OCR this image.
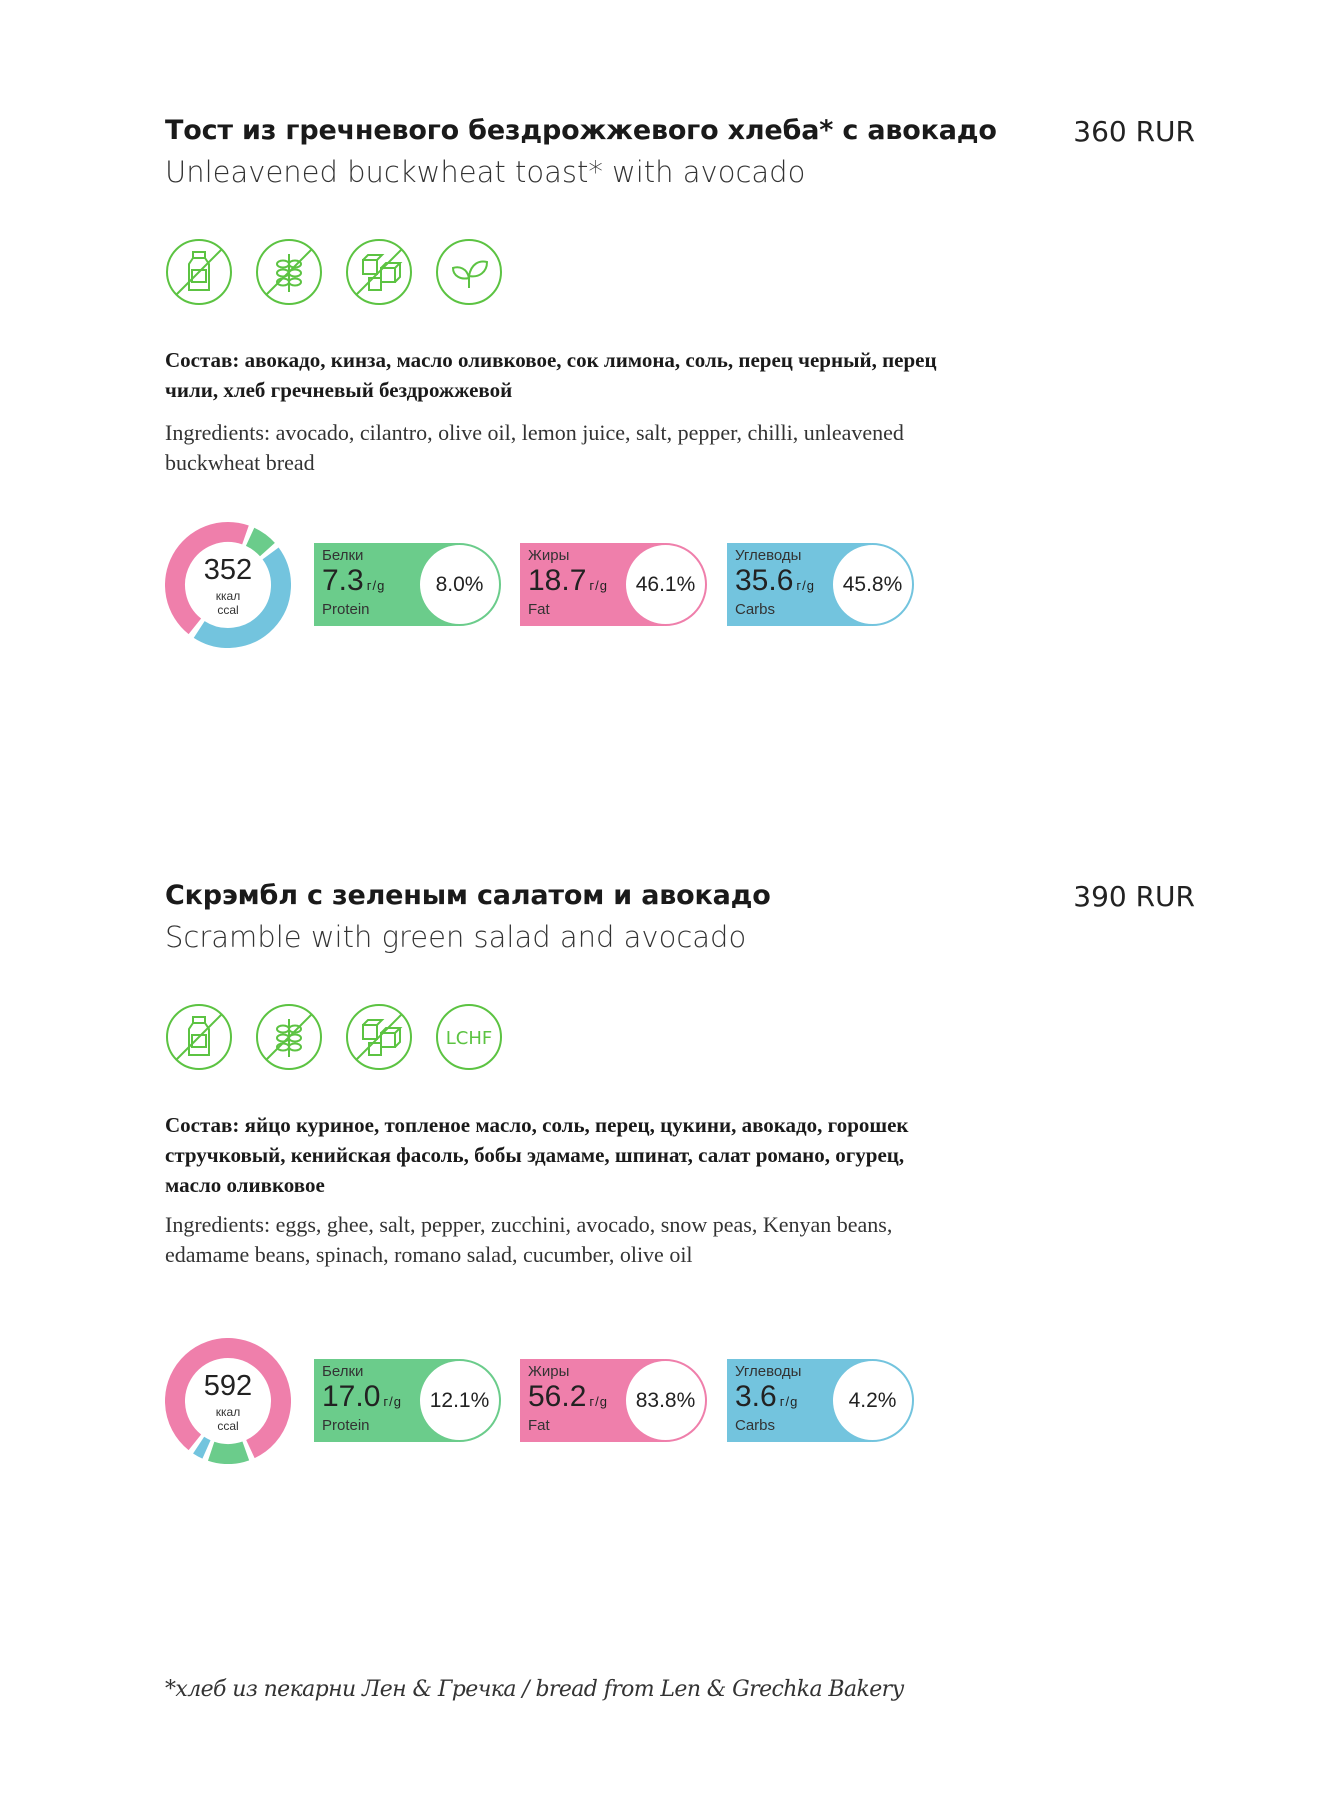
Тост из гречневого бездрожжевого хлеба* с авокадо	360 RUR
Unleavened buckwheat toast* with avocado
Состав: авокадо, кинза, масло оливковое, сок лимона, соль, перец черный, перец чили, хлеб гречневый бездрожжевой
Ingredients: avocado, cilantro, olive oil, lemon juice, salt, pepper, chilli, unleavened buckwheat bread
352
ккал
ccal
Белки
7.3 г/g
Protein
8.0%
Жиры
18.7 г/g
Fat
46.1%
Углеводы
35.6 г/g
Carbs
45.8%
Скрэмбл с зеленым салатом и авокадо	390 RUR
Scramble with green salad and avocado
LCHF
Состав: яйцо куриное, топленое масло, соль, перец, цукини, авокадо, горошек стручковый, кенийская фасоль, бобы эдамаме, шпинат, салат романо, огурец, масло оливковое
Ingredients: eggs, ghee, salt, pepper, zucchini, avocado, snow peas, Kenyan beans, edamame beans, spinach, romano salad, cucumber, olive oil
592
ккал
ccal
Белки
17.0 г/g
Protein
12.1%
Жиры
56.2 г/g
Fat
83.8%
Углеводы
3.6 г/g
Carbs
4.2%
*хлеб из пекарни Лен & Гречка / bread from Len & Grechka Bakery
